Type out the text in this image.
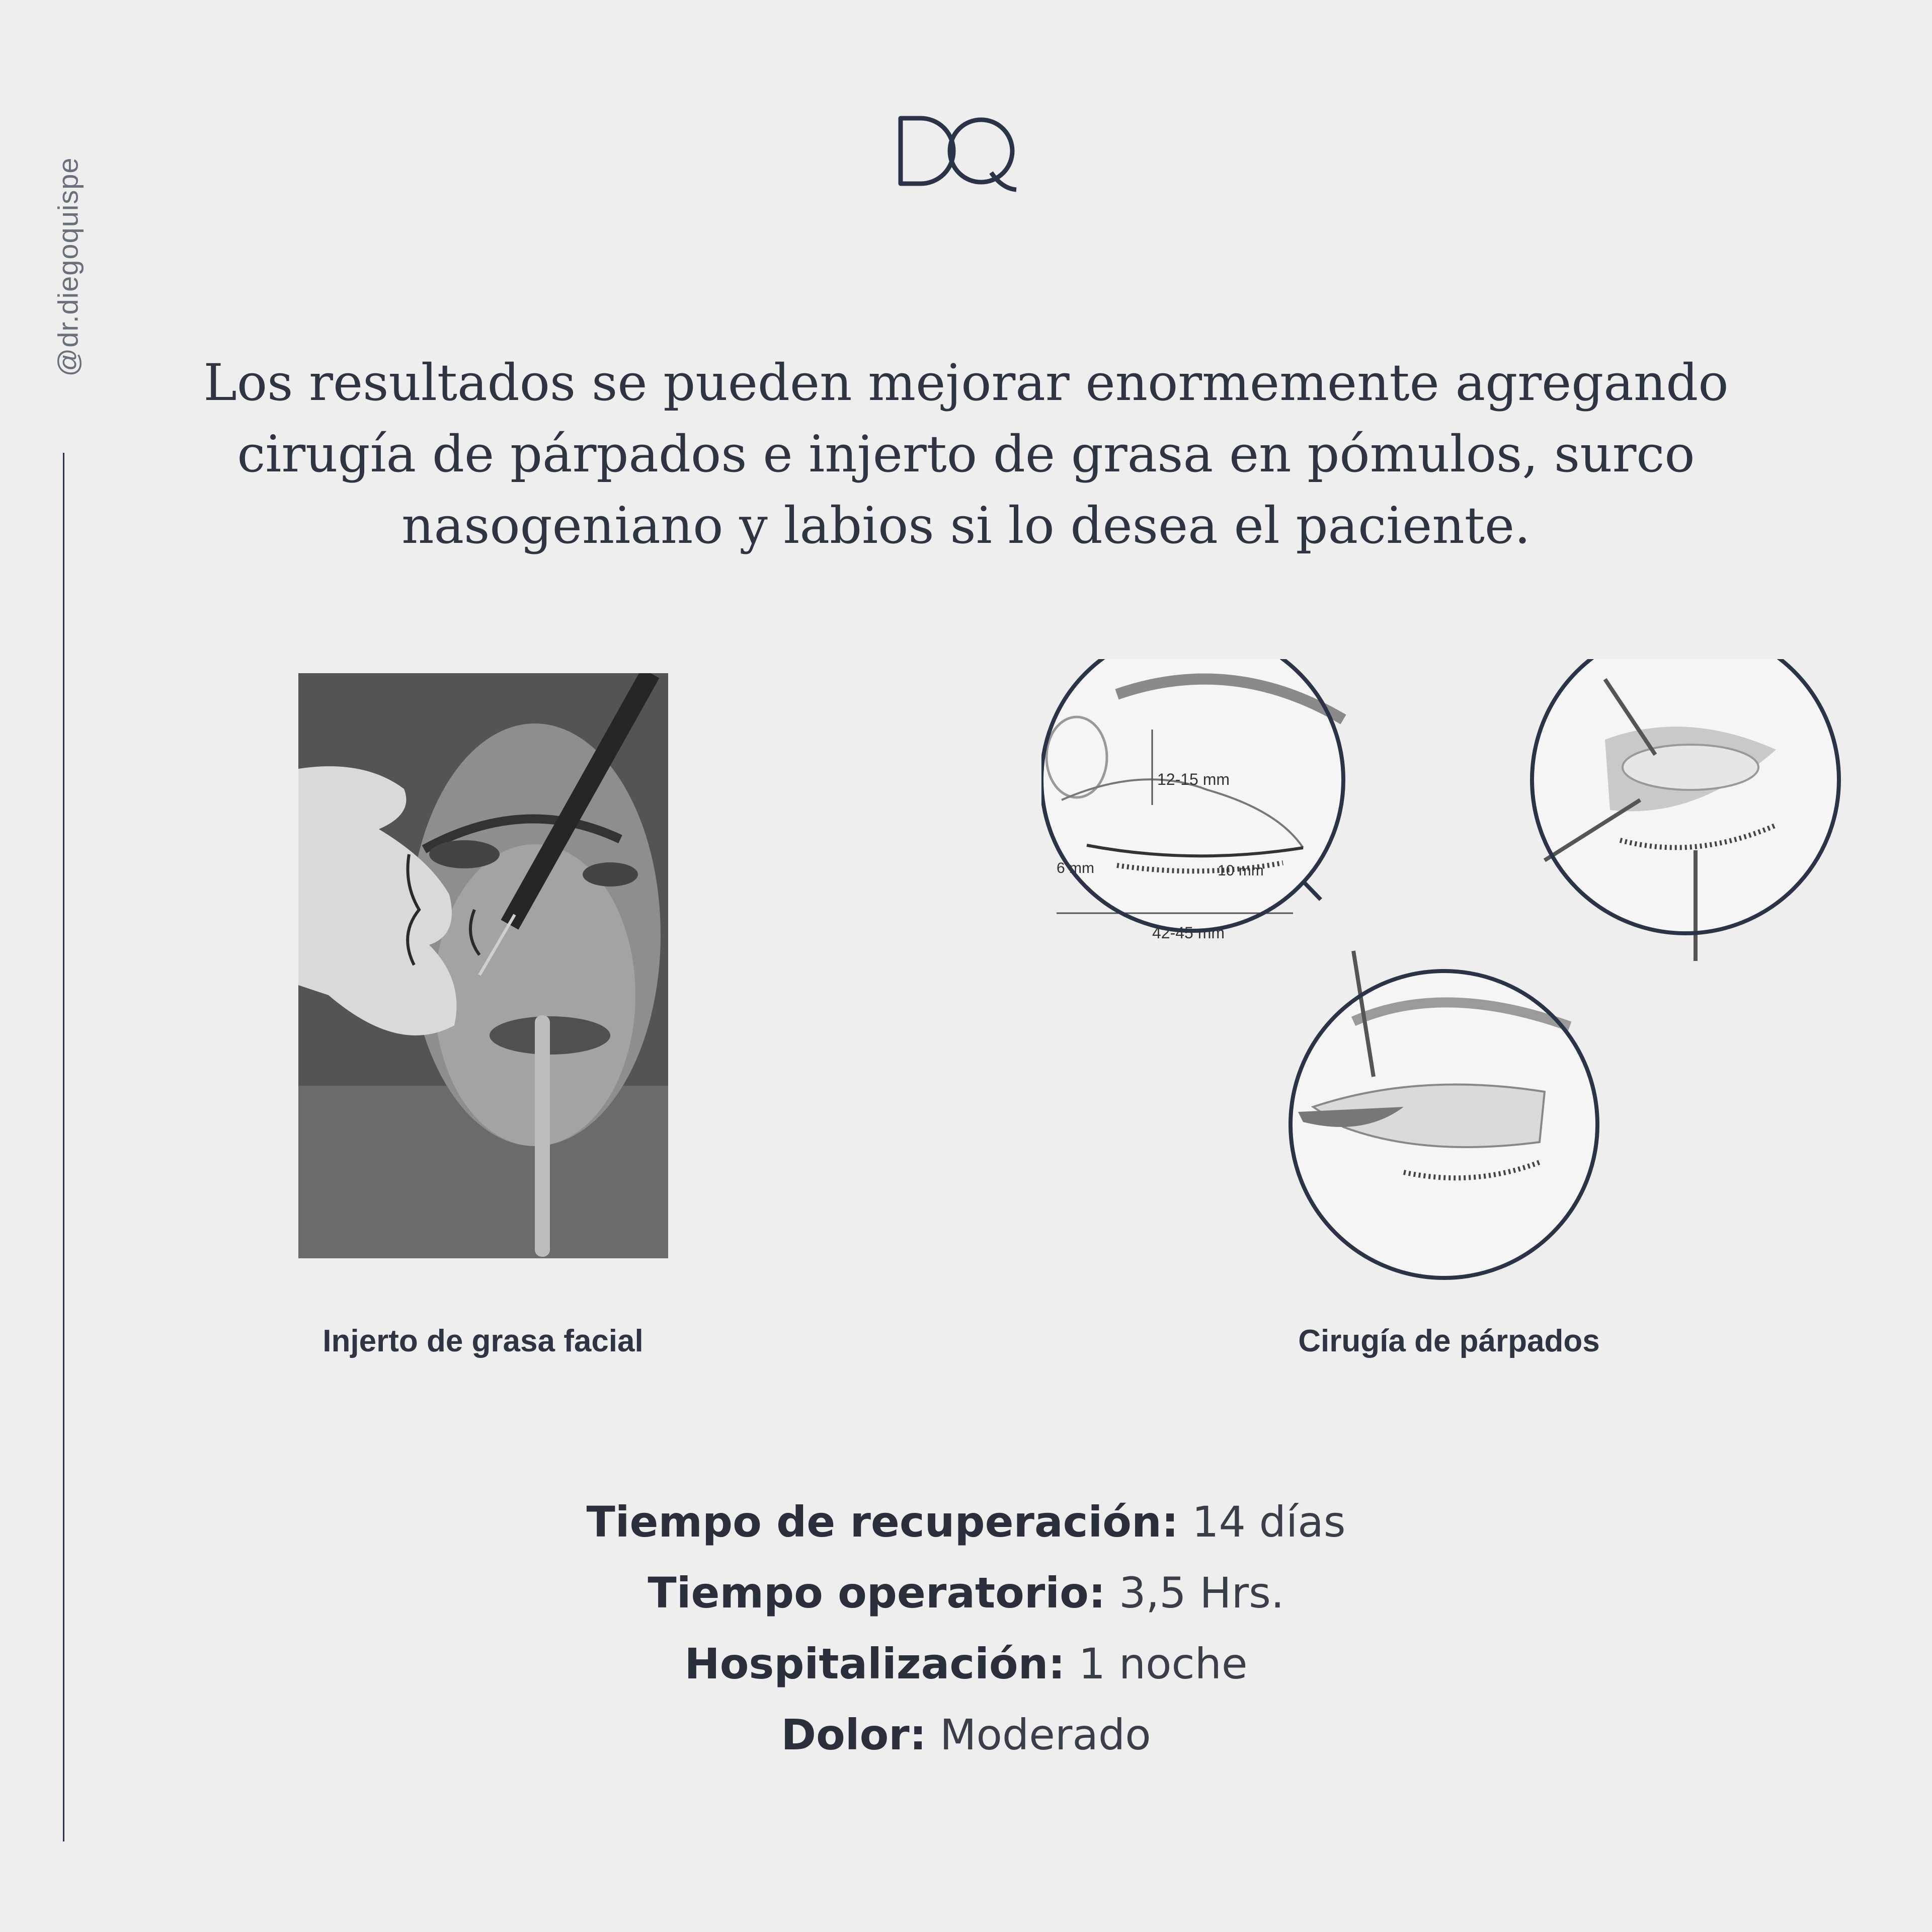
@dr.diegoquispe

Los resultados se pueden mejorar enormemente agregando cirugía de párpados e injerto de grasa en pómulos, surco nasogeniano y labios si lo desea el paciente.

12-15 mm
6 mm	10 mm
42-45 mm
Injerto de grasa facial	Cirugía de párpados
Tiempo de recuperación: 14 días
Tiempo operatorio: 3,5 Hrs.
Hospitalización: 1 noche
Dolor: Moderado
